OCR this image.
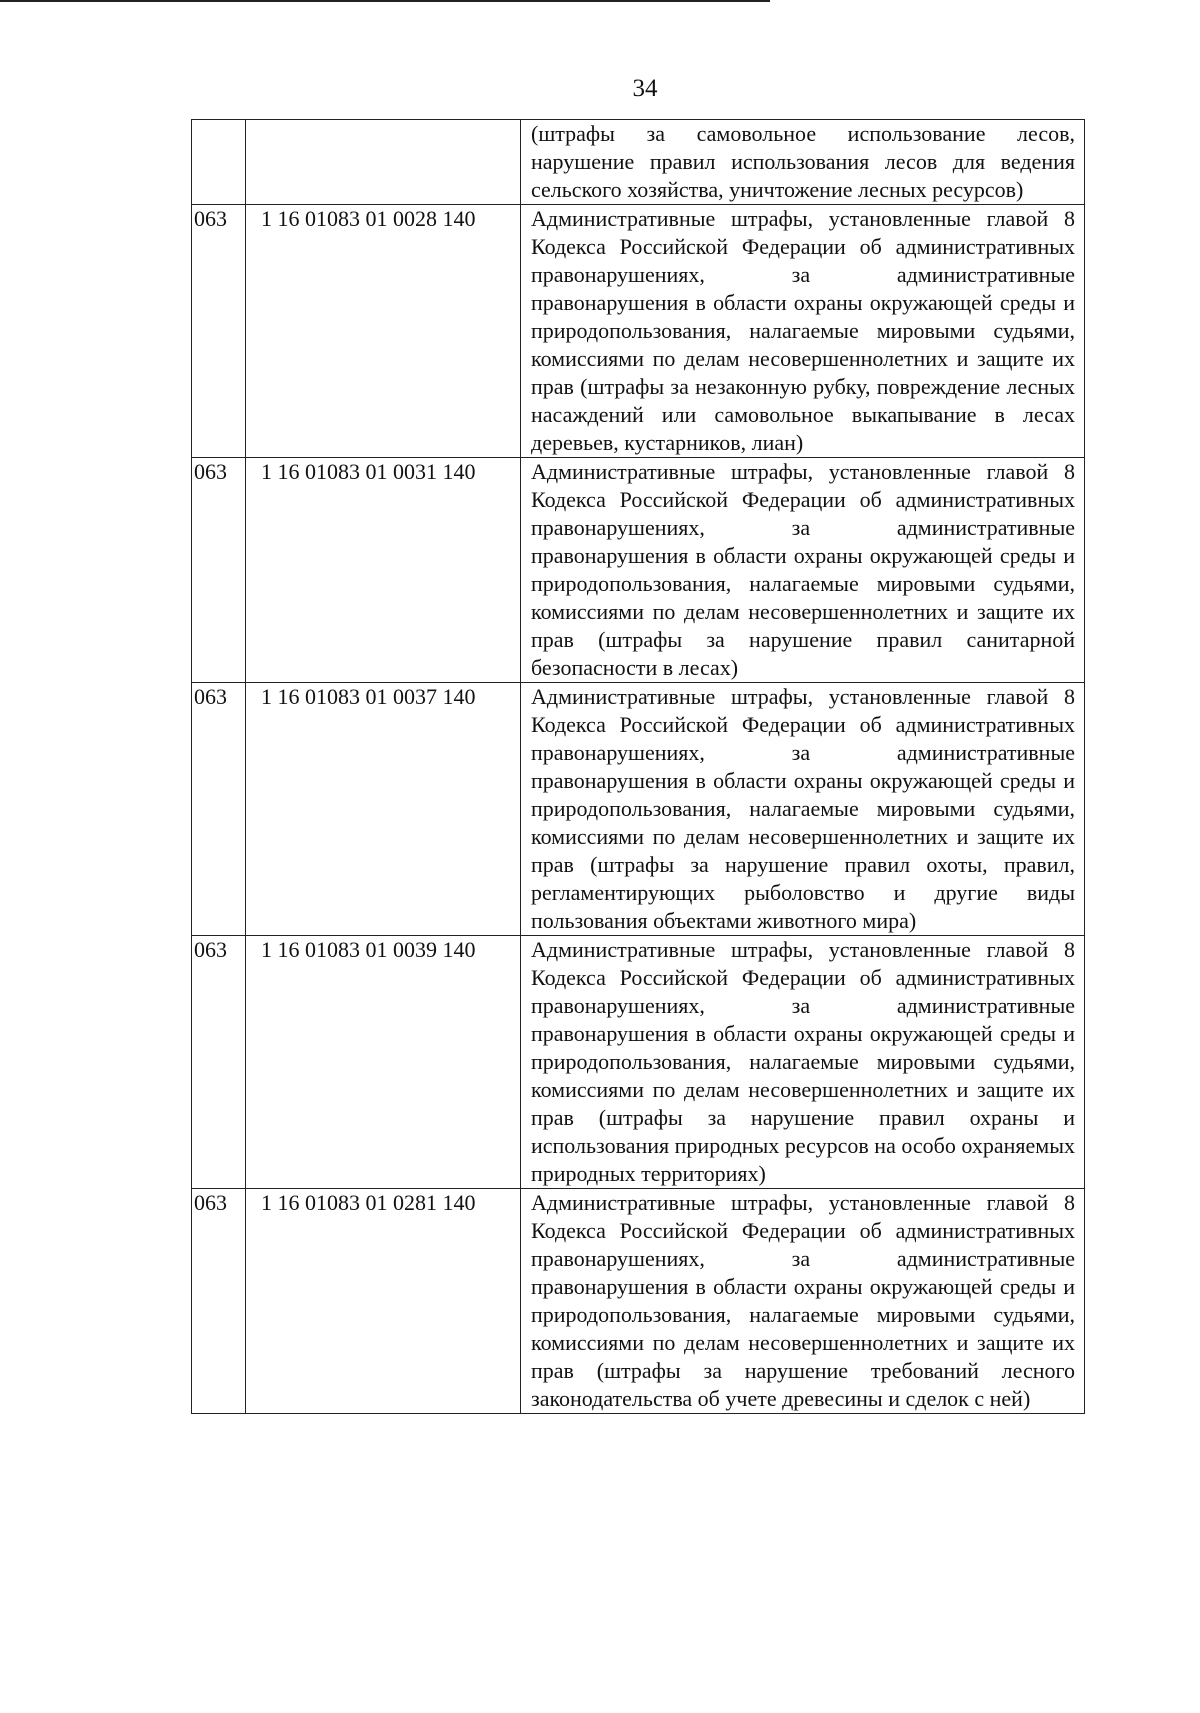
34
		(штрафы за самовольное использование лесов, нарушение правил использования лесов для ведения сельского хозяйства, уничтожение лесных ресурсов)
063	1 16 01083 01 0028 140	Административные штрафы, установленные главой 8 Кодекса Российской Федерации об административных правонарушениях, за административные правонарушения в области охраны окружающей среды и природопользования, налагаемые мировыми судьями, комиссиями по делам несовершеннолетних и защите их прав (штрафы за незаконную рубку, повреждение лесных насаждений или самовольное выкапывание в лесах деревьев, кустарников, лиан)
063	1 16 01083 01 0031 140	Административные штрафы, установленные главой 8 Кодекса Российской Федерации об административных правонарушениях, за административные правонарушения в области охраны окружающей среды и природопользования, налагаемые мировыми судьями, комиссиями по делам несовершеннолетних и защите их прав (штрафы за нарушение правил санитарной безопасности в лесах)
063	1 16 01083 01 0037 140	Административные штрафы, установленные главой 8 Кодекса Российской Федерации об административных правонарушениях, за административные правонарушения в области охраны окружающей среды и природопользования, налагаемые мировыми судьями, комиссиями по делам несовершеннолетних и защите их прав (штрафы за нарушение правил охоты, правил, регламентирующих рыболовство и другие виды пользования объектами животного мира)
063	1 16 01083 01 0039 140	Административные штрафы, установленные главой 8 Кодекса Российской Федерации об административных правонарушениях, за административные правонарушения в области охраны окружающей среды и природопользования, налагаемые мировыми судьями, комиссиями по делам несовершеннолетних и защите их прав (штрафы за нарушение правил охраны и использования природных ресурсов на особо охраняемых природных территориях)
063	1 16 01083 01 0281 140	Административные штрафы, установленные главой 8 Кодекса Российской Федерации об административных правонарушениях, за административные правонарушения в области охраны окружающей среды и природопользования, налагаемые мировыми судьями, комиссиями по делам несовершеннолетних и защите их прав (штрафы за нарушение требований лесного законодательства об учете древесины и сделок с ней)
